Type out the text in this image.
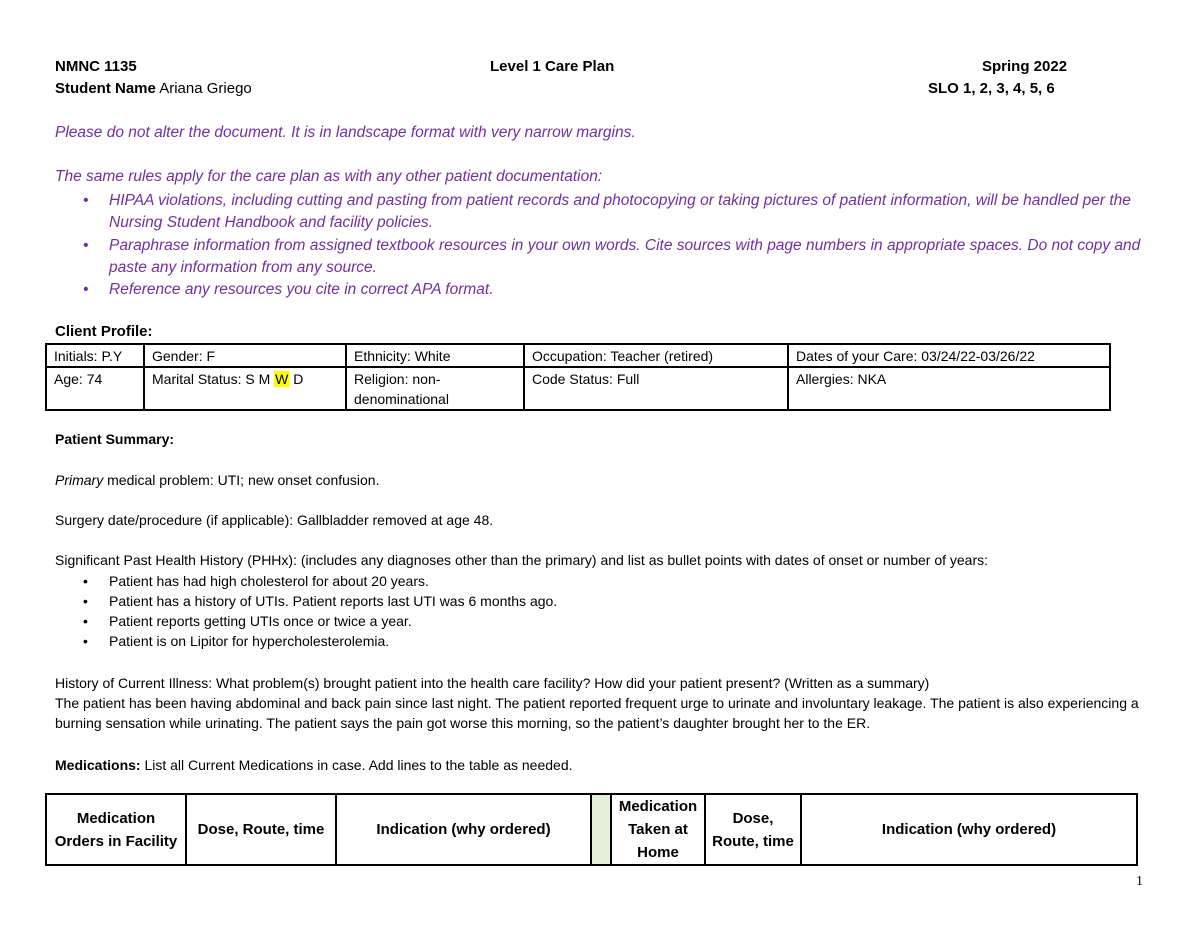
NMNC 1135	Level 1 Care Plan	Spring 2022
Student Name Ariana Griego	SLO 1, 2, 3, 4, 5, 6
Please do not alter the document. It is in landscape format with very narrow margins.
The same rules apply for the care plan as with any other patient documentation:
• HIPAA violations, including cutting and pasting from patient records and photocopying or taking pictures of patient information, will be handled per the Nursing Student Handbook and facility policies.
• Paraphrase information from assigned textbook resources in your own words. Cite sources with page numbers in appropriate spaces. Do not copy and paste any information from any source.
• Reference any resources you cite in correct APA format.
Client Profile:
Initials: P.Y	Gender: F	Ethnicity: White	Occupation: Teacher (retired)	Dates of your Care: 03/24/22-03/26/22
Age: 74	Marital Status: S M W D	Religion: non-denominational	Code Status: Full	Allergies: NKA
Patient Summary:
Primary medical problem: UTI; new onset confusion.
Surgery date/procedure (if applicable): Gallbladder removed at age 48.
Significant Past Health History (PHHx): (includes any diagnoses other than the primary) and list as bullet points with dates of onset or number of years:
• Patient has had high cholesterol for about 20 years.
• Patient has a history of UTIs. Patient reports last UTI was 6 months ago.
• Patient reports getting UTIs once or twice a year.
• Patient is on Lipitor for hypercholesterolemia.
History of Current Illness: What problem(s) brought patient into the health care facility? How did your patient present? (Written as a summary)
The patient has been having abdominal and back pain since last night. The patient reported frequent urge to urinate and involuntary leakage. The patient is also experiencing a burning sensation while urinating. The patient says the pain got worse this morning, so the patient’s daughter brought her to the ER.
Medications: List all Current Medications in case. Add lines to the table as needed.
Medication Orders in Facility	Dose, Route, time	Indication (why ordered)		Medication Taken at Home	Dose, Route, time	Indication (why ordered)
1
